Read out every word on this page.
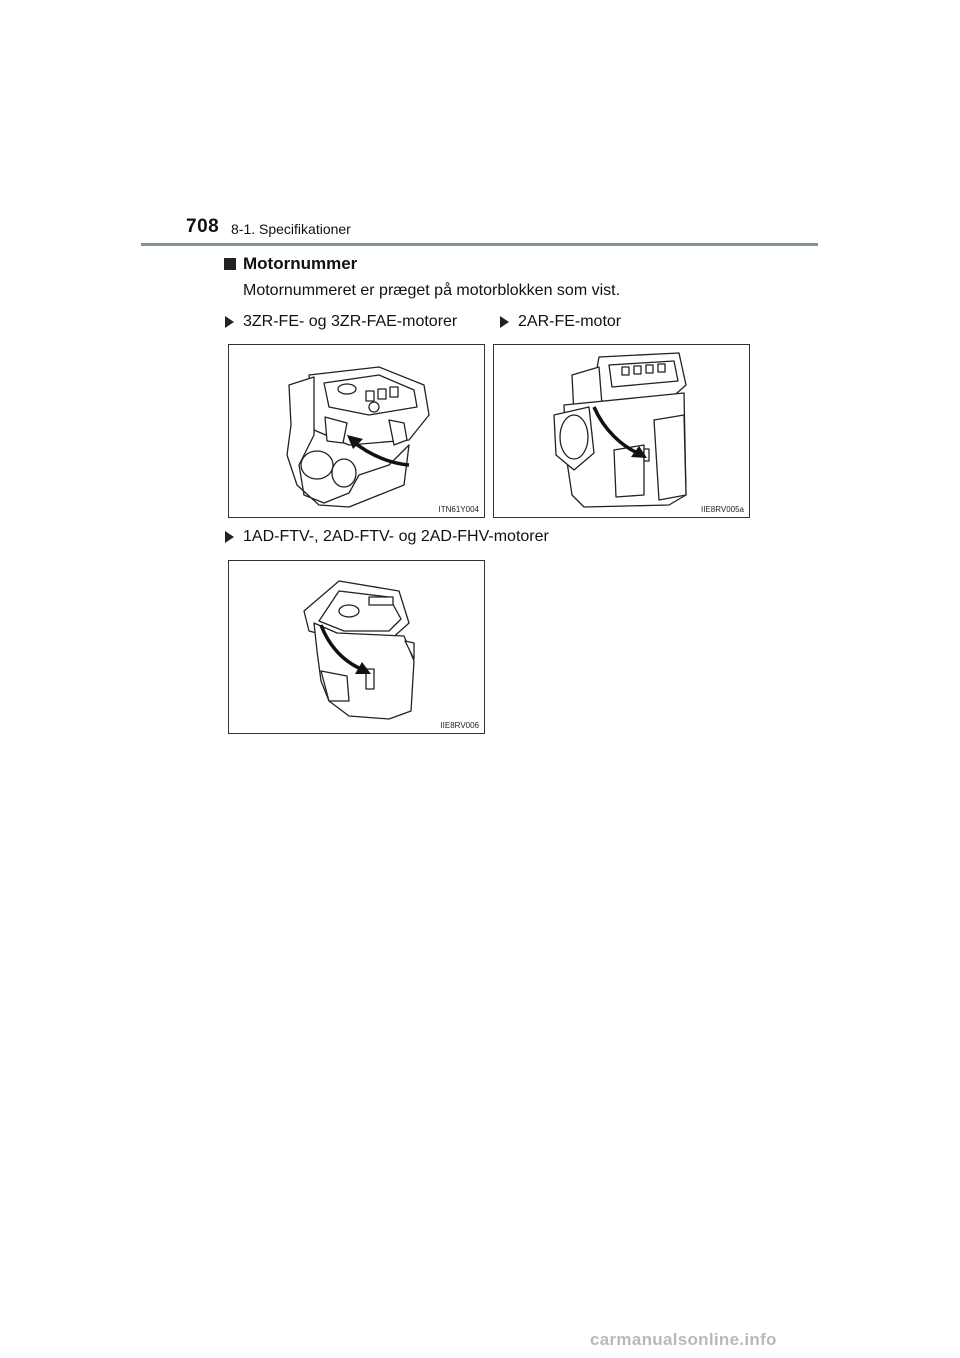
708 8-1. Specifikationer
Motornummer
Motornummeret er præget på motorblokken som vist.
3ZR-FE- og 3ZR-FAE-motorer	2AR-FE-motor
ITN61Y004	IIE8RV005a
1AD-FTV-, 2AD-FTV- og 2AD-FHV-motorer
IIE8RV006
carmanualsonline.info
